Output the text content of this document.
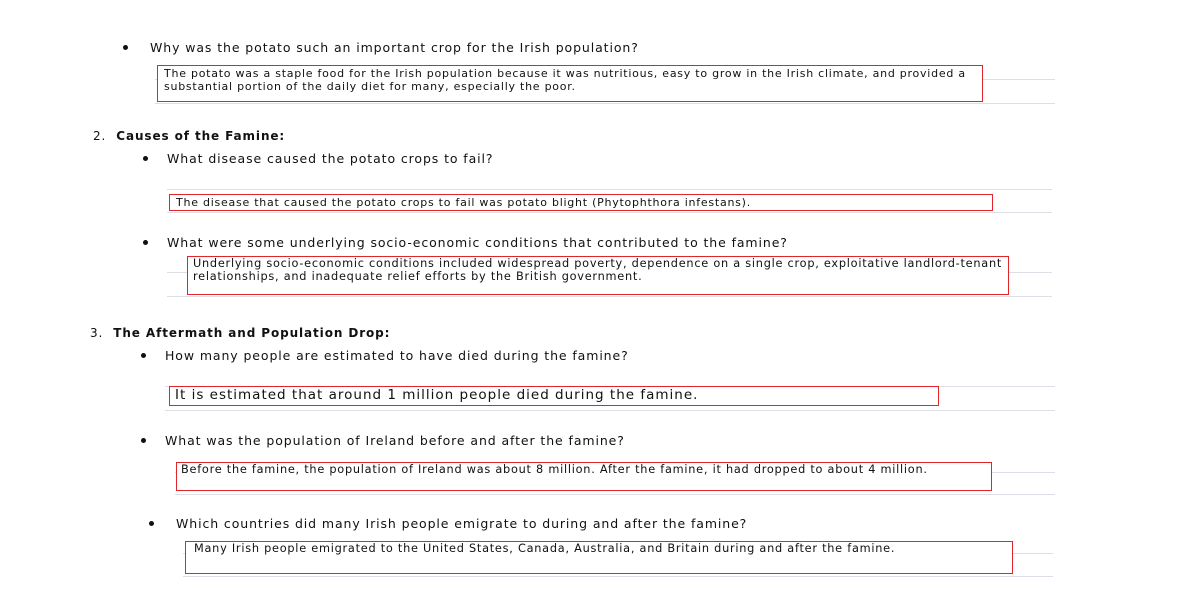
Why was the potato such an important crop for the Irish population?
The potato was a staple food for the Irish population because it was nutritious, easy to grow in the Irish climate, and provided a substantial portion of the daily diet for many, especially the poor.
2. Causes of the Famine:
What disease caused the potato crops to fail?
The disease that caused the potato crops to fail was potato blight (Phytophthora infestans).
What were some underlying socio-economic conditions that contributed to the famine?
Underlying socio-economic conditions included widespread poverty, dependence on a single crop, exploitative landlord-tenant relationships, and inadequate relief efforts by the British government.
3. The Aftermath and Population Drop:
How many people are estimated to have died during the famine?
It is estimated that around 1 million people died during the famine.
What was the population of Ireland before and after the famine?
Before the famine, the population of Ireland was about 8 million. After the famine, it had dropped to about 4 million.
Which countries did many Irish people emigrate to during and after the famine?
Many Irish people emigrated to the United States, Canada, Australia, and Britain during and after the famine.
